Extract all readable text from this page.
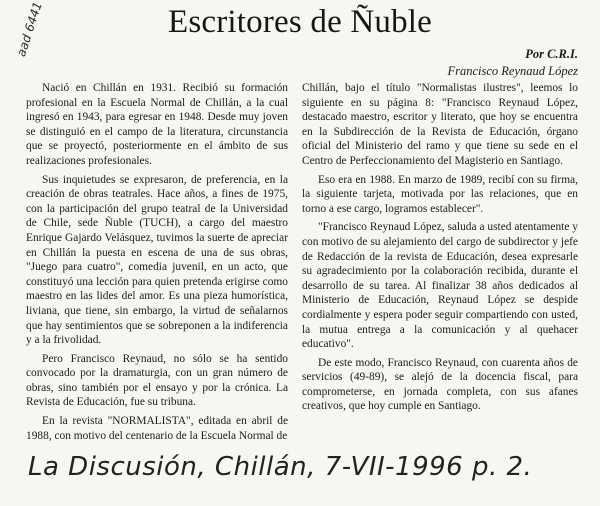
Escritores de Ñuble
aad 6441	Por C.R.I.
Francisco Reynaud López

Nació en Chillán en 1931. Recibió su formación profesional en la Escuela Normal de Chillán, a la cual ingresó en 1943, para egresar en 1948. Desde muy joven se distinguió en el campo de la literatura, circunstancia que se proyectó, posteriormente en el ámbito de sus realizaciones profesionales.

Sus inquietudes se expresaron, de preferencia, en la creación de obras teatrales. Hace años, a fines de 1975, con la participación del grupo teatral de la Universidad de Chile, sede Ñuble (TUCH), a cargo del maestro Enrique Gajardo Velásquez, tuvimos la suerte de apreciar en Chillán la puesta en escena de una de sus obras, "Juego para cuatro", comedia juvenil, en un acto, que constituyó una lección para quien pretenda erigirse como maestro en las lides del amor. Es una pieza humorística, liviana, que tiene, sin embargo, la virtud de señalarnos que hay sentimientos que se sobreponen a la indiferencia y a la frivolidad.

Pero Francisco Reynaud, no sólo se ha sentido convocado por la dramaturgia, con un gran número de obras, sino también por el ensayo y por la crónica. La Revista de Educación, fue su tribuna.

En la revista "NORMALISTA", editada en abril de 1988, con motivo del centenario de la Escuela Normal de

Chillán, bajo el título "Normalistas ilustres", leemos lo siguiente en su página 8: "Francisco Reynaud López, destacado maestro, escritor y literato, que hoy se encuentra en la Subdirección de la Revista de Educación, órgano oficial del Ministerio del ramo y que tiene su sede en el Centro de Perfeccionamiento del Magisterio en Santiago.

Eso era en 1988. En marzo de 1989, recibí con su firma, la siguiente tarjeta, motivada por las relaciones, que en torno a ese cargo, logramos establecer".

"Francisco Reynaud López, saluda a usted atentamente y con motivo de su alejamiento del cargo de subdirector y jefe de Redacción de la revista de Educación, desea expresarle su agradecimiento por la colaboración recibida, durante el desarrollo de su tarea. Al finalizar 38 años dedicados al Ministerio de Educación, Reynaud López se despide cordialmente y espera poder seguir compartiendo con usted, la mutua entrega a la comunicación y al quehacer educativo".

De este modo, Francisco Reynaud, con cuarenta años de servicios (49-89), se alejó de la docencia fiscal, para comprometerse, en jornada completa, con sus afanes creativos, que hoy cumple en Santiago.

La Discusión, Chillán, 7-VII-1996 p. 2.
